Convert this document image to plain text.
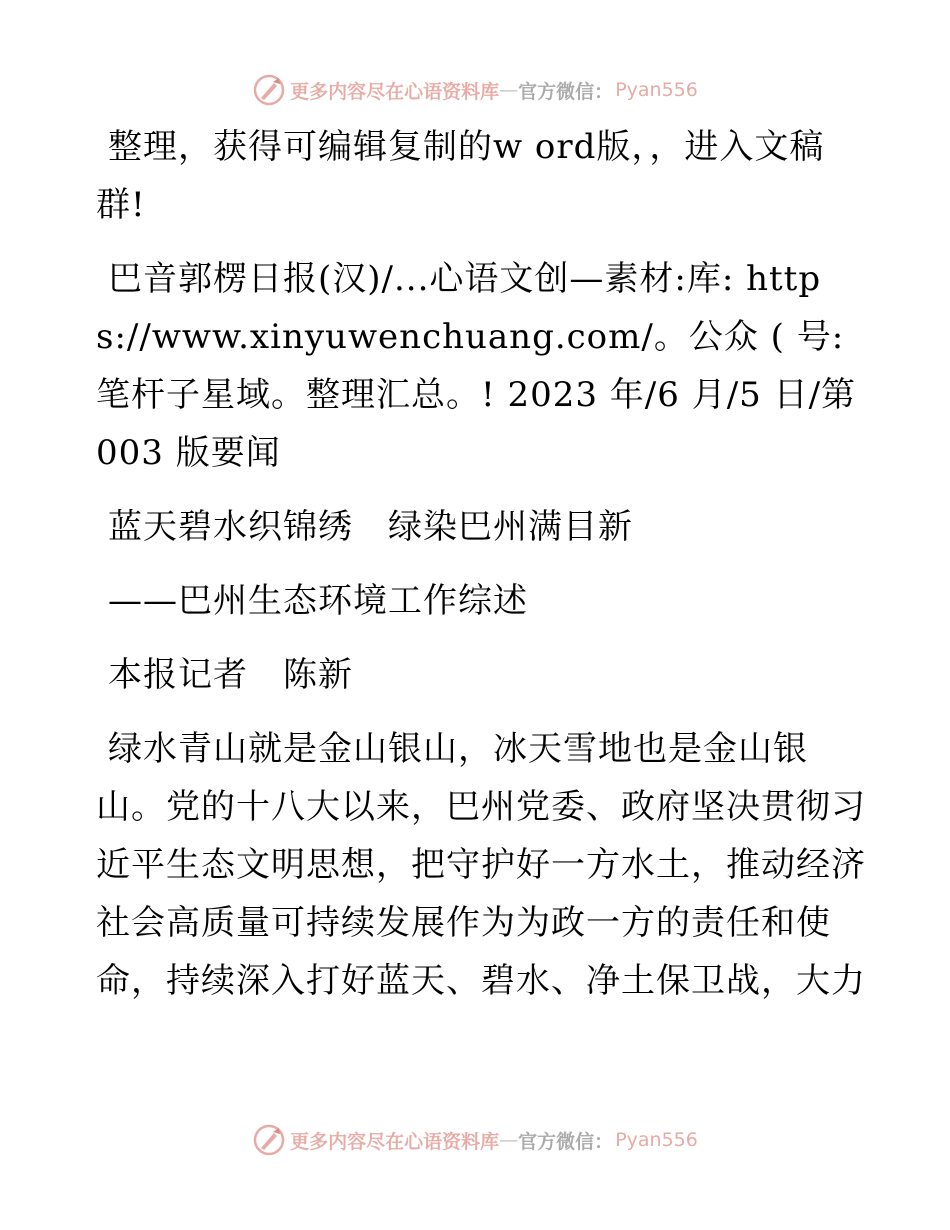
更多内容尽在心语资料库 — 官方微信 ： Pyan556

整理，获得可编辑复制的w ord版，，进入文稿群!

巴音郭楞日报(汉)/...心语文创—素材:库: https://www.xinyuwenchuang.com/。公众 ( 号: 笔杆子星域。整理汇总。! 2023 年/6 月/5 日/第 003 版要闻

蓝天碧水织锦绣　绿染巴州满目新

——巴州生态环境工作综述

本报记者　陈新

绿水青山就是金山银山，冰天雪地也是金山银山。党的十八大以来，巴州党委、政府坚决贯彻习近平生态文明思想，把守护好一方水土，推动经济社会高质量可持续发展作为为政一方的责任和使命，持续深入打好蓝天、碧水、净土保卫战，大力

更多内容尽在心语资料库 — 官方微信 ： Pyan556
